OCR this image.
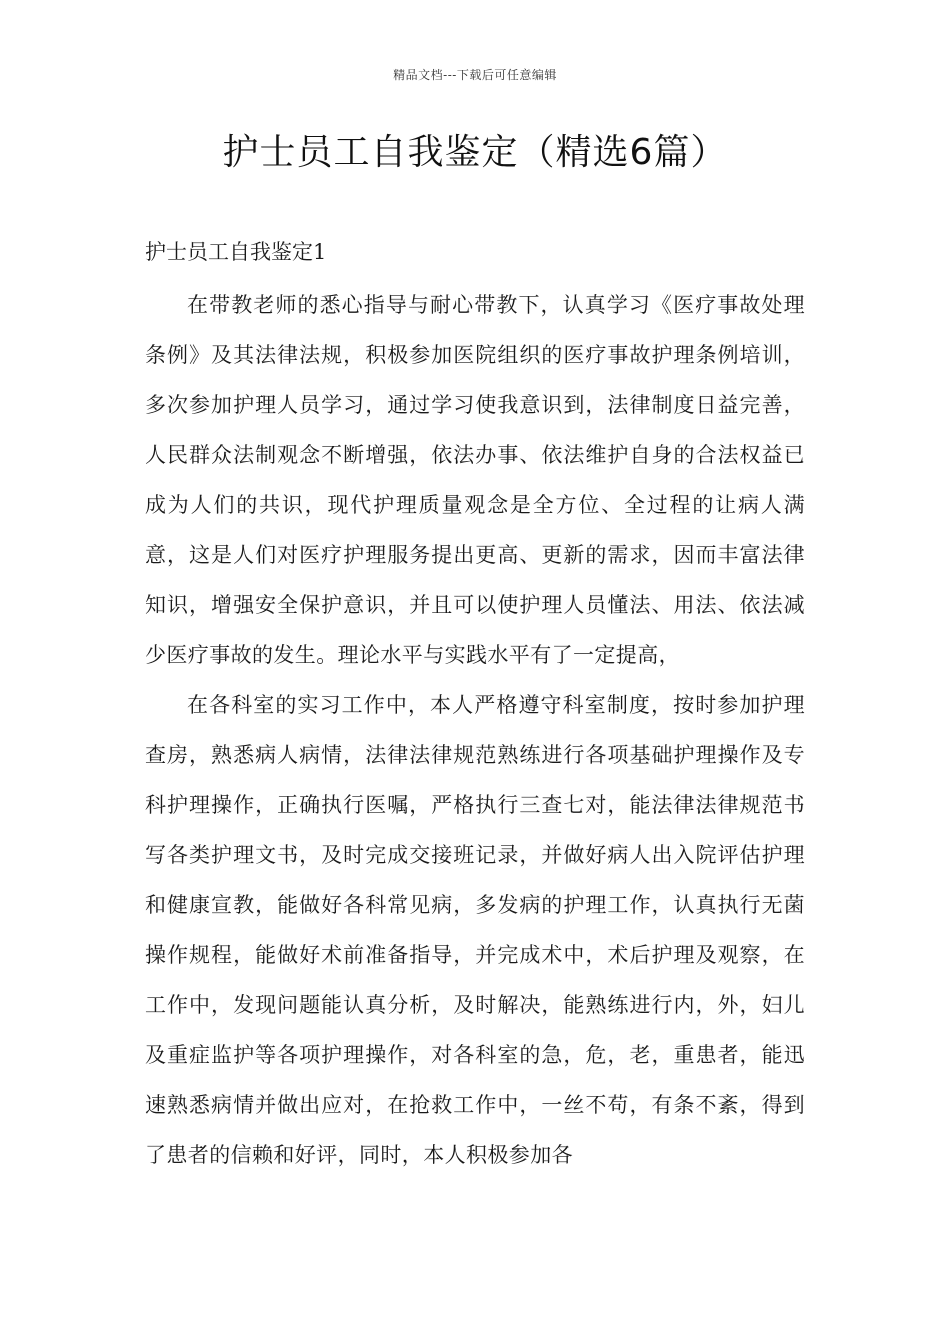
精品文档---下载后可任意编辑
护士员工自我鉴定（精选6篇）
护士员工自我鉴定1

在带教老师的悉心指导与耐心带教下，认真学习《医疗事故处理条例》及其法律法规，积极参加医院组织的医疗事故护理条例培训，多次参加护理人员学习，通过学习使我意识到，法律制度日益完善，人民群众法制观念不断增强，依法办事、依法维护自身的合法权益已成为人们的共识，现代护理质量观念是全方位、全过程的让病人满意，这是人们对医疗护理服务提出更高、更新的需求，因而丰富法律知识，增强安全保护意识，并且可以使护理人员懂法、用法、依法减少医疗事故的发生。理论水平与实践水平有了一定提高，

在各科室的实习工作中，本人严格遵守科室制度，按时参加护理查房，熟悉病人病情，法律法律规范熟练进行各项基础护理操作及专科护理操作，正确执行医嘱，严格执行三查七对，能法律法律规范书写各类护理文书，及时完成交接班记录，并做好病人出入院评估护理和健康宣教，能做好各科常见病，多发病的护理工作，认真执行无菌操作规程，能做好术前准备指导，并完成术中，术后护理及观察，在工作中，发现问题能认真分析，及时解决，能熟练进行内，外，妇儿及重症监护等各项护理操作，对各科室的急，危，老，重患者，能迅速熟悉病情并做出应对，在抢救工作中，一丝不苟，有条不紊，得到了患者的信赖和好评，同时，本人积极参加各
